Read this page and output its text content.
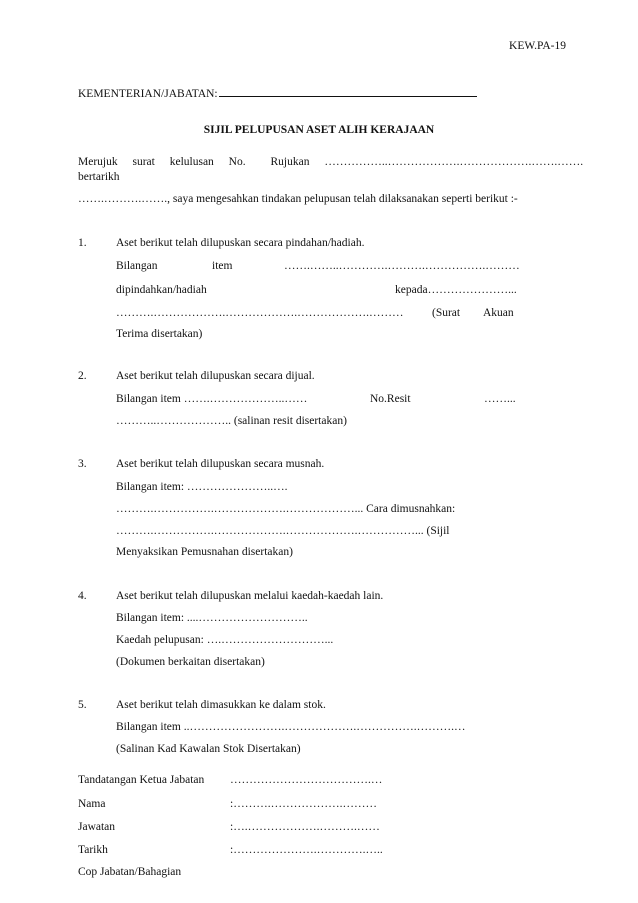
KEW.PA-19
KEMENTERIAN/JABATAN:
SIJIL PELUPUSAN ASET ALIH KERAJAAN
Merujuk surat kelulusan No. Rujukan ……………..……………….……………….…….…….
bertarikh
…….……….……., saya mengesahkan tindakan pelupusan telah dilaksanakan seperti berikut :-
1.	Aset berikut telah dilupuskan secara pindahan/hadiah.
Bilangan	item	…….……..………….……….…………….………
dipindahkan/hadiah	kepada…………………...
……….……………….……………….……………….……… (Surat Akuan
Terima disertakan)
2.	Aset berikut telah dilupuskan secara dijual.
Bilangan item …….………………..……	No.Resit	……...
………..……………….. (salinan resit disertakan)
3.	Aset berikut telah dilupuskan secara musnah.
Bilangan item: …………………..….
……….…………….……………….………………... Cara dimusnahkan:
……….…………….……………….……………….……………... (Sijil
Menyaksikan Pemusnahan disertakan)
4.	Aset berikut telah dilupuskan melalui kaedah-kaedah lain.
Bilangan item: ....………………………..
Kaedah pelupusan: ….………………………...
(Dokumen berkaitan disertakan)
5.	Aset berikut telah dimasukkan ke dalam stok.
Bilangan item ..…………………….……………….…………….……….…
(Salinan Kad Kawalan Stok Disertakan)
Tandatangan Ketua Jabatan ……………………………….…
Nama	:……….……………….………
Jawatan	:….……………….……….……
Tarikh	:………………….………….…..
Cop Jabatan/Bahagian
